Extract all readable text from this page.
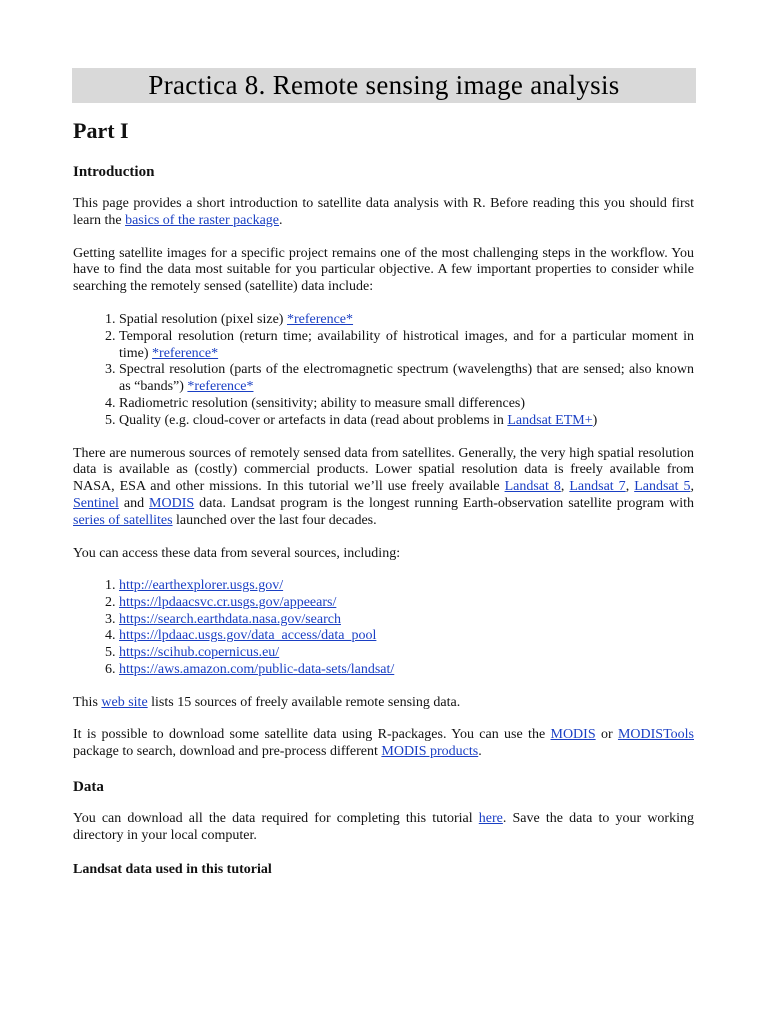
Practica 8. Remote sensing image analysis
Part I
Introduction

This page provides a short introduction to satellite data analysis with R. Before reading this you should first learn the basics of the raster package.

Getting satellite images for a specific project remains one of the most challenging steps in the workflow. You have to find the data most suitable for you particular objective. A few important properties to consider while searching the remotely sensed (satellite) data include:

1. Spatial resolution (pixel size) *reference*
2. Temporal resolution (return time; availability of histrotical images, and for a particular moment in time) *reference*
3. Spectral resolution (parts of the electromagnetic spectrum (wavelengths) that are sensed; also known as “bands”) *reference*
4. Radiometric resolution (sensitivity; ability to measure small differences)
5. Quality (e.g. cloud-cover or artefacts in data (read about problems in Landsat ETM+)

There are numerous sources of remotely sensed data from satellites. Generally, the very high spatial resolution data is available as (costly) commercial products. Lower spatial resolution data is freely available from NASA, ESA and other missions. In this tutorial we’ll use freely available Landsat 8, Landsat 7, Landsat 5, Sentinel and MODIS data. Landsat program is the longest running Earth-observation satellite program with series of satellites launched over the last four decades.

You can access these data from several sources, including:

1. http://earthexplorer.usgs.gov/
2. https://lpdaacsvc.cr.usgs.gov/appeears/
3. https://search.earthdata.nasa.gov/search
4. https://lpdaac.usgs.gov/data_access/data_pool
5. https://scihub.copernicus.eu/
6. https://aws.amazon.com/public-data-sets/landsat/

This web site lists 15 sources of freely available remote sensing data.

It is possible to download some satellite data using R-packages. You can use the MODIS or MODISTools package to search, download and pre-process different MODIS products.

Data

You can download all the data required for completing this tutorial here. Save the data to your working directory in your local computer.

Landsat data used in this tutorial
